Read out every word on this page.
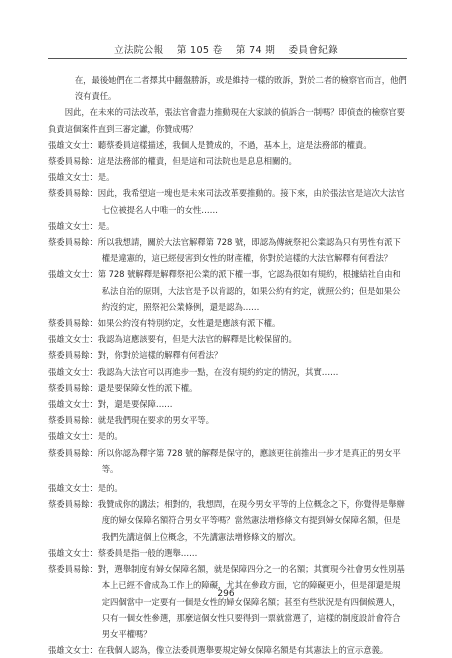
立法院公報 第 105 卷 第 74 期 委員會紀錄

在，最後她們在二者擇其中翻盤勝訴，或是維持一樣的敗訴，對於二者的檢察官而言，他們沒有責任。

因此，在未來的司法改革，張法官會盡力推動現在大家談的偵訴合一制嗎？即偵查的檢察官要負責這個案件直到三審定讞，你贊成嗎？

張雄文女士：聽蔡委員這樣描述，我個人是贊成的，不過，基本上，這是法務部的權責。

蔡委員易餘：這是法務部的權責，但是這和司法院也是息息相關的。

張雄文女士：是。

蔡委員易餘：因此，我希望這一塊也是未來司法改革要推動的。接下來，由於張法官是這次大法官七位被提名人中唯一的女性……

張雄文女士：是。

蔡委員易餘：所以我想請，關於大法官解釋第 728 號，即認為傳統祭祀公業認為只有男性有派下權是違憲的，這已經侵害到女性的財產權，你對於這樣的大法官解釋有何看法？

張雄文女士：第 728 號解釋是解釋祭祀公業的派下權一事，它認為很如有規約，根據結社自由和私法自治的原則，大法官是予以肯認的，如果公約有約定，就照公約；但是如果公約沒約定，照祭祀公業條例，還是認為……

蔡委員易餘：如果公約沒有特別約定，女性還是應該有派下權。

張雄文女士：我認為這應該要有，但是大法官的解釋是比較保留的。

蔡委員易餘：對，你對於這樣的解釋有何看法？

張雄文女士：我認為大法官可以再進步一點，在沒有規約約定的情況，其實……

蔡委員易餘：還是要保障女性的派下權。

張雄文女士：對，還是要保障……

蔡委員易餘：就是我們現在要求的男女平等。

張雄文女士：是的。

蔡委員易餘：所以你認為釋字第 728 號的解釋是保守的，應該更往前推出一步才是真正的男女平等。

張雄文女士：是的。

蔡委員易餘：我贊成你的講法；相對的，我想問，在現今男女平等的上位概念之下，你覺得是舉辦度的婦女保障名額符合男女平等嗎？當然憲法增修條文有提到婦女保障名額，但是我們先講這個上位概念，不先講憲法增修條文的層次。

張雄文女士：蔡委員是指一般的選舉……

蔡委員易餘：對，選舉制度有婦女保障名額，就是保障四分之一的名額；其實現今社會男女性別基本上已經不會成為工作上的障礙，尤其在參政方面，它的障礙更小，但是卻還是規定四個當中一定要有一個是女性的婦女保障名額；甚至有些狀況是有四個候選人，只有一個女性參選，那麼這個女性只要得到一票就當選了，這樣的制度設計會符合男女平權嗎？

張雄文女士：在我個人認為，像立法委員選舉要規定婦女保障名額是有其憲法上的宣示意義。

296
